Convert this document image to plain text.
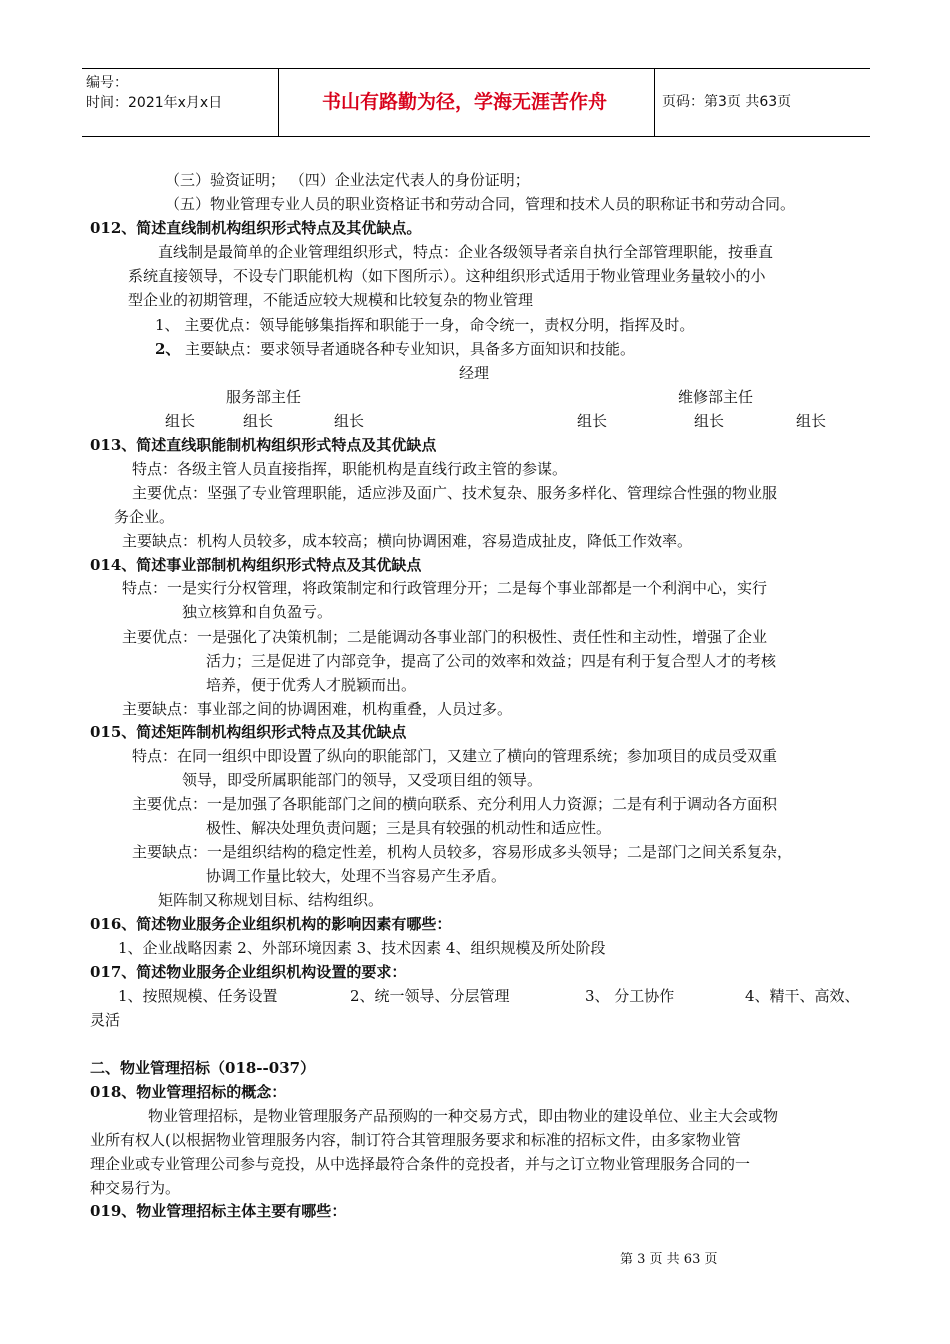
编号：
时间：2021年x月x日	书山有路勤为径，学海无涯苦作舟	页码：第3页 共63页
（三）验资证明； （四）企业法定代表人的身份证明；
（五）物业管理专业人员的职业资格证书和劳动合同，管理和技术人员的职称证书和劳动合同。
012、简述直线制机构组织形式特点及其优缺点。
直线制是最简单的企业管理组织形式，特点：企业各级领导者亲自执行全部管理职能，按垂直
系统直接领导，不设专门职能机构（如下图所示）。这种组织形式适用于物业管理业务量较小的小
型企业的初期管理，不能适应较大规模和比较复杂的物业管理
1、 主要优点：领导能够集指挥和职能于一身，命令统一，责权分明，指挥及时。
2、 主要缺点：要求领导者通晓各种专业知识，具备多方面知识和技能。
经理
服务部主任	维修部主任
组长	组长	组长	组长	组长	组长
013、简述直线职能制机构组织形式特点及其优缺点
特点：各级主管人员直接指挥，职能机构是直线行政主管的参谋。
主要优点：坚强了专业管理职能，适应涉及面广、技术复杂、服务多样化、管理综合性强的物业服
务企业。
主要缺点：机构人员较多，成本较高；横向协调困难，容易造成扯皮，降低工作效率。
014、简述事业部制机构组织形式特点及其优缺点
特点：一是实行分权管理，将政策制定和行政管理分开；二是每个事业部都是一个利润中心，实行
独立核算和自负盈亏。
主要优点：一是强化了决策机制；二是能调动各事业部门的积极性、责任性和主动性，增强了企业
活力；三是促进了内部竞争，提高了公司的效率和效益；四是有利于复合型人才的考核
培养，便于优秀人才脱颖而出。
主要缺点：事业部之间的协调困难，机构重叠，人员过多。
015、简述矩阵制机构组织形式特点及其优缺点
特点：在同一组织中即设置了纵向的职能部门，又建立了横向的管理系统；参加项目的成员受双重
领导，即受所属职能部门的领导，又受项目组的领导。
主要优点：一是加强了各职能部门之间的横向联系、充分利用人力资源；二是有利于调动各方面积
极性、解决处理负责问题；三是具有较强的机动性和适应性。
主要缺点：一是组织结构的稳定性差，机构人员较多，容易形成多头领导；二是部门之间关系复杂，
协调工作量比较大，处理不当容易产生矛盾。
矩阵制又称规划目标、结构组织。
016、简述物业服务企业组织机构的影响因素有哪些：
1、企业战略因素 2、外部环境因素 3、技术因素 4、组织规模及所处阶段
017、简述物业服务企业组织机构设置的要求：
1、按照规模、任务设置	2、统一领导、分层管理	3、 分工协作	4、精干、高效、
灵活
二、物业管理招标（018--037）
018、物业管理招标的概念：
物业管理招标，是物业管理服务产品预购的一种交易方式，即由物业的建设单位、业主大会或物
业所有权人(以根据物业管理服务内容，制订符合其管理服务要求和标准的招标文件，由多家物业管
理企业或专业管理公司参与竞投，从中选择最符合条件的竞投者，并与之订立物业管理服务合同的一
种交易行为。
019、物业管理招标主体主要有哪些：
第 3 页 共 63 页
